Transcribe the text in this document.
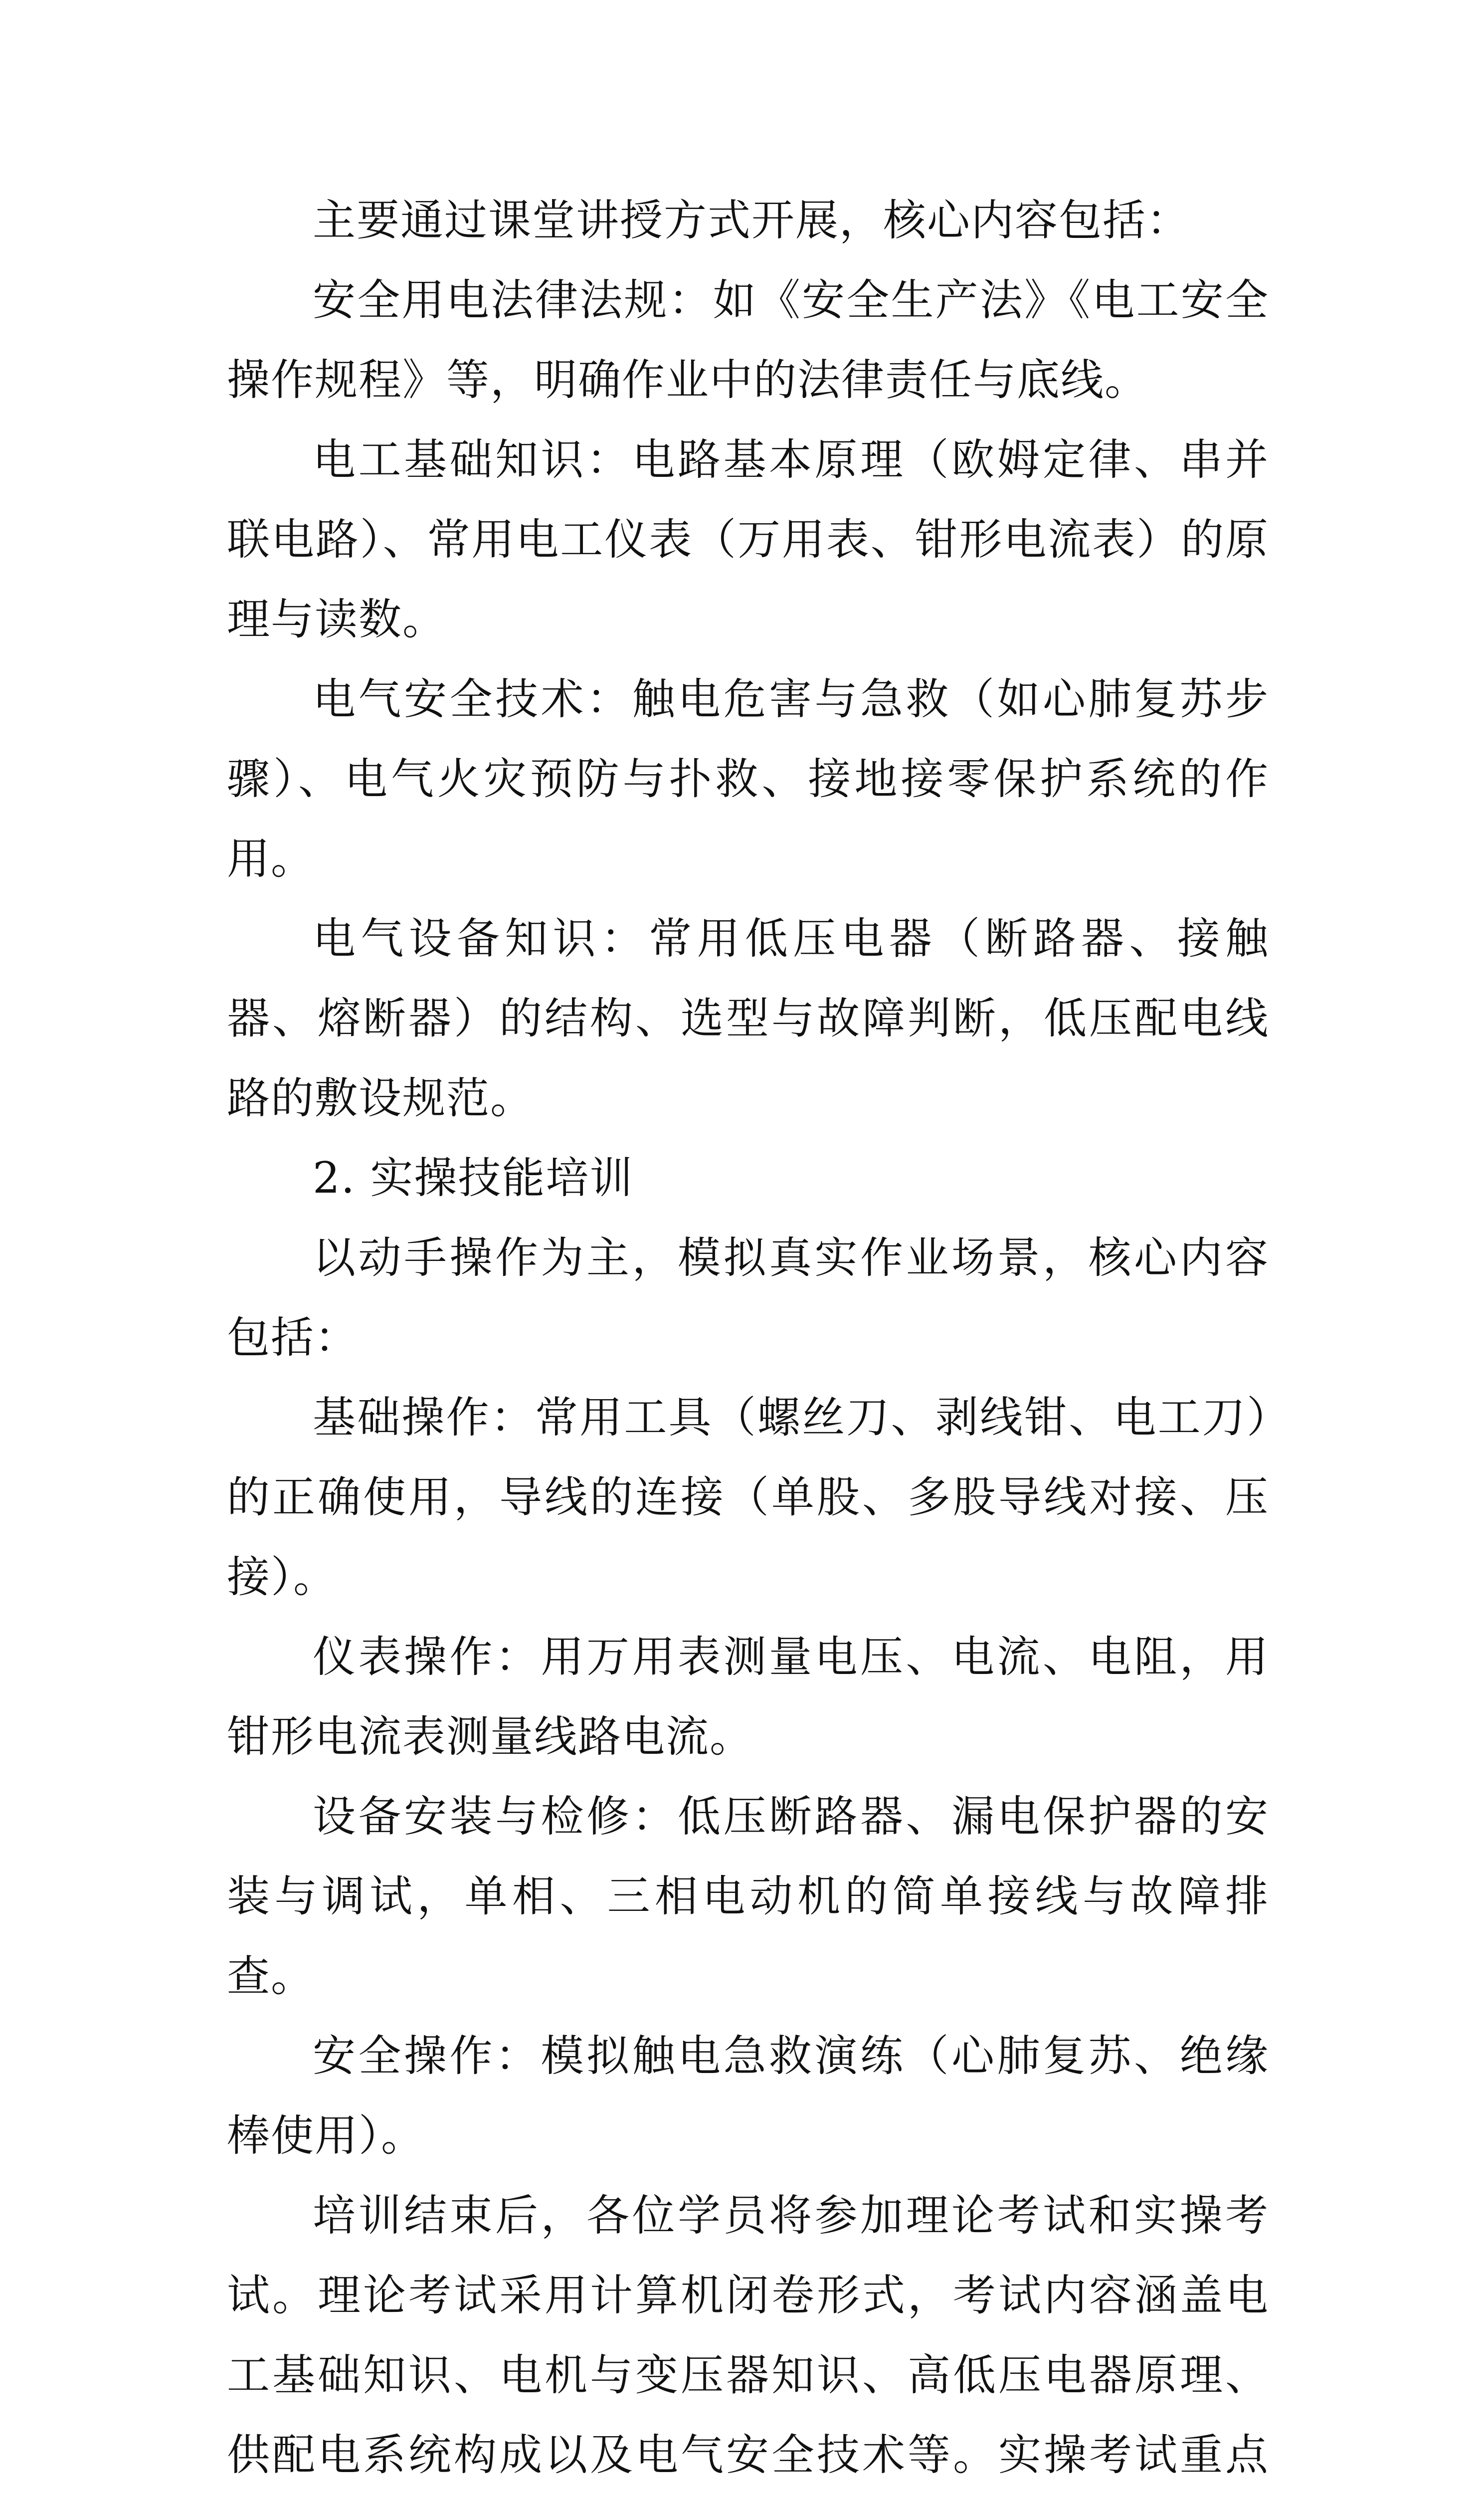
主要通过课堂讲授方式开展，核心内容包括：

安全用电法律法规：如《安全生产法》《电工安全操作规程》等，明确作业中的法律责任与底线。

电工基础知识：电路基本原理（欧姆定律、串并联电路）、常用电工仪表（万用表、钳形电流表）的原理与读数。

电气安全技术：触电危害与急救（如心肺复苏步骤）、电气火灾预防与扑救、接地接零保护系统的作用。

电气设备知识：常用低压电器（断路器、接触器、熔断器）的结构、选型与故障判断，低压配电线路的敷设规范。

2. 实操技能培训

以动手操作为主，模拟真实作业场景，核心内容包括：

基础操作：常用工具（螺丝刀、剥线钳、电工刀）的正确使用，导线的连接（单股、多股导线对接、压接）。

仪表操作：用万用表测量电压、电流、电阻，用钳形电流表测量线路电流。

设备安装与检修：低压断路器、漏电保护器的安装与调试，单相、三相电动机的简单接线与故障排查。

安全操作：模拟触电急救演练（心肺复苏、绝缘棒使用）。

培训结束后，各位学员将参加理论考试和实操考试。理论考试采用计算机闭卷形式，考试内容涵盖电工基础知识、电机与变压器知识、高低压电器原理、供配电系统构成以及电气安全技术等。实操考试重点
